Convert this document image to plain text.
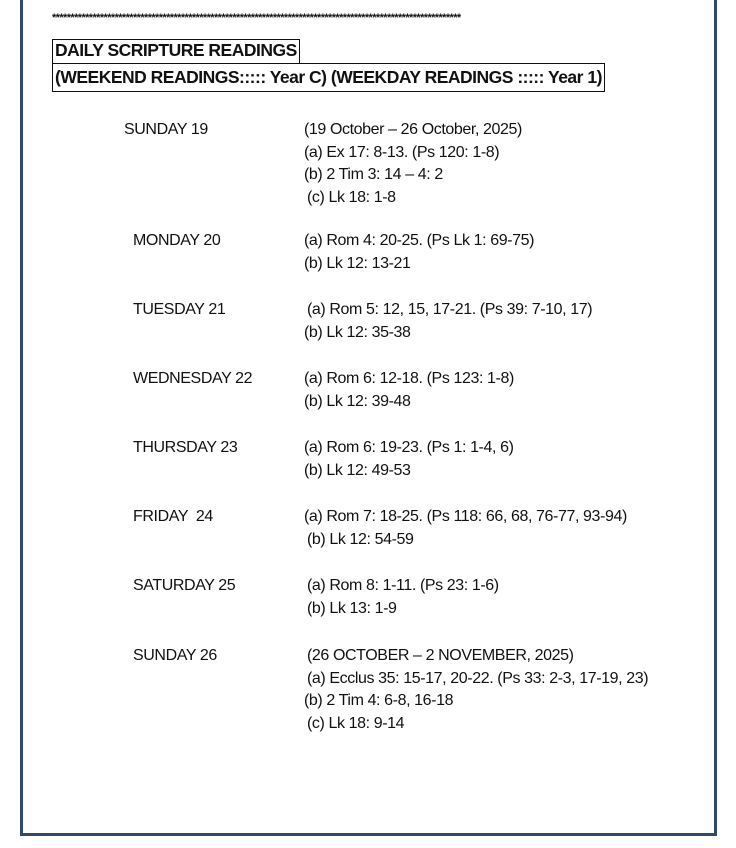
***************************************************************************************************************
DAILY SCRIPTURE READINGS
(WEEKEND READINGS::::: Year C) (WEEKDAY READINGS ::::: Year 1)
SUNDAY 19	(19 October – 26 October, 2025)
(a) Ex 17: 8-13. (Ps 120: 1-8)
(b) 2 Tim 3: 14 – 4: 2
(c) Lk 18: 1-8
MONDAY 20	(a) Rom 4: 20-25. (Ps Lk 1: 69-75)
(b) Lk 12: 13-21
TUESDAY 21	(a) Rom 5: 12, 15, 17-21. (Ps 39: 7-10, 17)
(b) Lk 12: 35-38
WEDNESDAY 22	(a) Rom 6: 12-18. (Ps 123: 1-8)
(b) Lk 12: 39-48
THURSDAY 23	(a) Rom 6: 19-23. (Ps 1: 1-4, 6)
(b) Lk 12: 49-53
FRIDAY  24	(a) Rom 7: 18-25. (Ps 118: 66, 68, 76-77, 93-94)
(b) Lk 12: 54-59
SATURDAY 25	(a) Rom 8: 1-11. (Ps 23: 1-6)
(b) Lk 13: 1-9
SUNDAY 26	(26 OCTOBER – 2 NOVEMBER, 2025)
(a) Ecclus 35: 15-17, 20-22. (Ps 33: 2-3, 17-19, 23)
(b) 2 Tim 4: 6-8, 16-18
(c) Lk 18: 9-14
